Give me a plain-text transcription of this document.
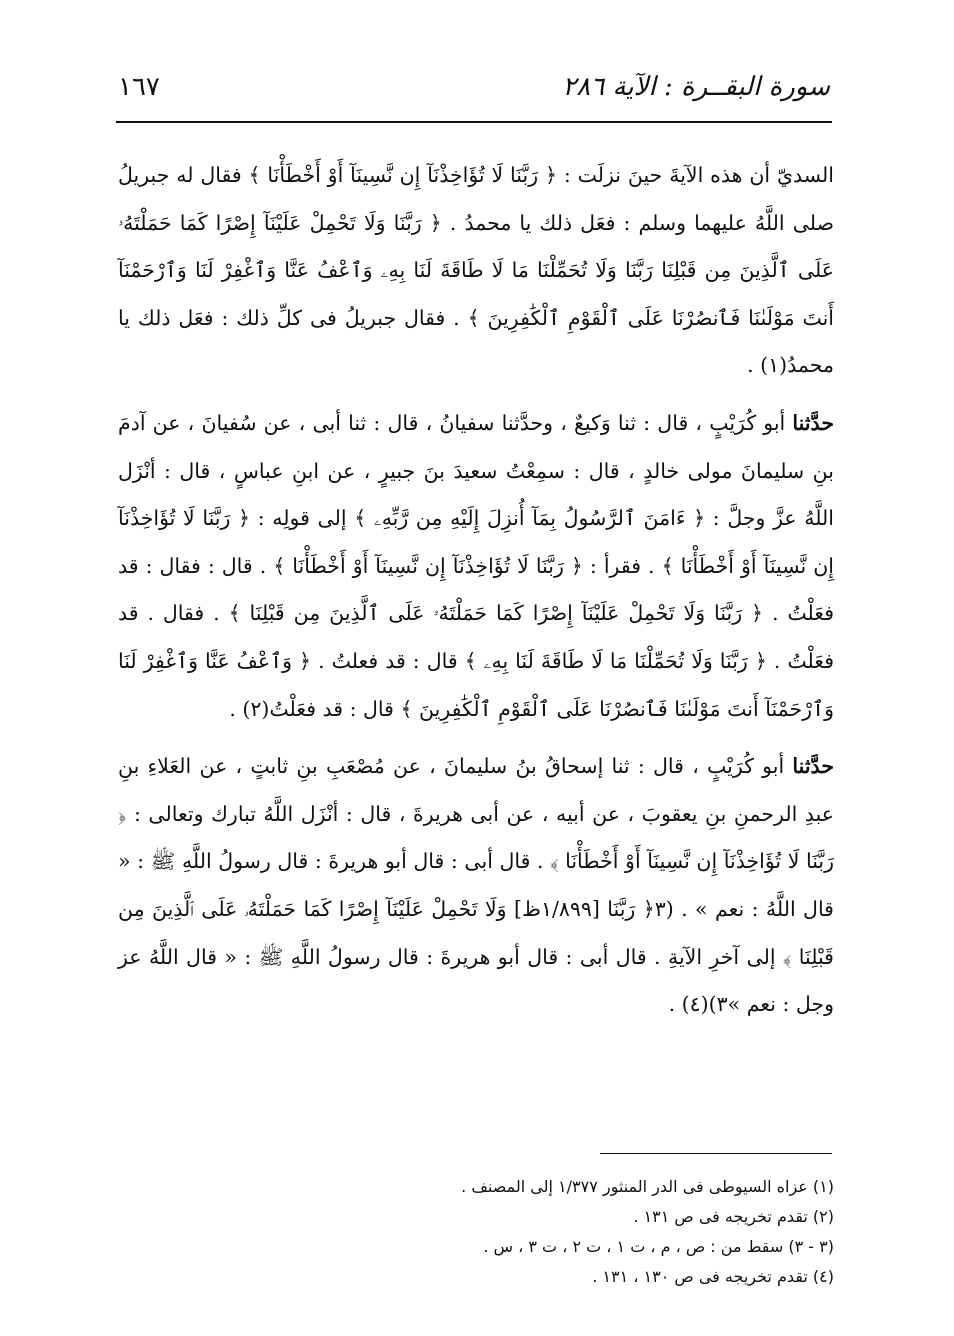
١٦٧	سورة البقــرة : الآية ٢٨٦

السديّ أن هذه الآيةَ حينَ نزلَت : ﴿ رَبَّنَا لَا تُؤَاخِذْنَآ إِن نَّسِينَآ أَوْ أَخْطَأْنَا ﴾ فقال له جبريلُ صلى اللَّهُ عليهما وسلم : فعَل ذلك يا محمدُ . ﴿ رَبَّنَا وَلَا تَحْمِلْ عَلَيْنَآ إِصْرًا كَمَا حَمَلْتَهُۥ عَلَى ٱلَّذِينَ مِن قَبْلِنَا رَبَّنَا وَلَا تُحَمِّلْنَا مَا لَا طَاقَةَ لَنَا بِهِۦ وَٱعْفُ عَنَّا وَٱغْفِرْ لَنَا وَٱرْحَمْنَآ أَنتَ مَوْلَىٰنَا فَٱنصُرْنَا عَلَى ٱلْقَوْمِ ٱلْكَٰفِرِينَ ﴾ . فقال جبريلُ فى كلِّ ذلك : فعَل ذلك يا محمدُ(١) .

حدَّثنا أبو كُرَيْبٍ ، قال : ثنا وَكيعٌ ، وحدَّثنا سفيانُ ، قال : ثنا أبى ، عن سُفيانَ ، عن آدمَ بنِ سليمانَ مولى خالدٍ ، قال : سمِعْتُ سعيدَ بنَ جبيرٍ ، عن ابنِ عباسٍ ، قال : أنْزَل اللَّهُ عزَّ وجلَّ : ﴿ ءَامَنَ ٱلرَّسُولُ بِمَآ أُنزِلَ إِلَيْهِ مِن رَّبِّهِۦ ﴾ إلى قولِه : ﴿ رَبَّنَا لَا تُؤَاخِذْنَآ إِن نَّسِينَآ أَوْ أَخْطَأْنَا ﴾ . فقرأ : ﴿ رَبَّنَا لَا تُؤَاخِذْنَآ إِن نَّسِينَآ أَوْ أَخْطَأْنَا ﴾ . قال : فقال : قد فعَلْتُ . ﴿ رَبَّنَا وَلَا تَحْمِلْ عَلَيْنَآ إِصْرًا كَمَا حَمَلْتَهُۥ عَلَى ٱلَّذِينَ مِن قَبْلِنَا ﴾ . فقال . قد فعَلْتُ . ﴿ رَبَّنَا وَلَا تُحَمِّلْنَا مَا لَا طَاقَةَ لَنَا بِهِۦ ﴾ قال : قد فعلتُ . ﴿ وَٱعْفُ عَنَّا وَٱغْفِرْ لَنَا وَٱرْحَمْنَآ أَنتَ مَوْلَىٰنَا فَٱنصُرْنَا عَلَى ٱلْقَوْمِ ٱلْكَٰفِرِينَ ﴾ قال : قد فعَلْتُ(٢) .

حدَّثنا أبو كُرَيْبٍ ، قال : ثنا إسحاقُ بنُ سليمانَ ، عن مُصْعَبِ بنِ ثابتٍ ، عن العَلاءِ بنِ عبدِ الرحمنِ بنِ يعقوبَ ، عن أبيه ، عن أبى هريرةَ ، قال : أنْزَل اللَّهُ تبارك وتعالى : ﴿ رَبَّنَا لَا تُؤَاخِذْنَآ إِن نَّسِينَآ أَوْ أَخْطَأْنَا ﴾ . قال أبى : قال أبو هريرةَ : قال رسولُ اللَّهِ ﷺ : « قال اللَّهُ : نعم » . (٣﴿ رَبَّنَا [١/٨٩٩ظ] وَلَا تَحْمِلْ عَلَيْنَآ إِصْرًا كَمَا حَمَلْتَهُۥ عَلَى ٱلَّذِينَ مِن قَبْلِنَا ﴾ إلى آخرِ الآيةِ . قال أبى : قال أبو هريرةَ : قال رسولُ اللَّهِ ﷺ : « قال اللَّهُ عز وجل : نعم »٣)(٤) .

(١) عزاه السيوطى فى الدر المنثور ١/٣٧٧ إلى المصنف .
(٢) تقدم تخريجه فى ص ١٣١ .
(٣ - ٣) سقط من : ص ، م ، ت ١ ، ت ٢ ، ت ٣ ، س .
(٤) تقدم تخريجه فى ص ١٣٠ ، ١٣١ .
